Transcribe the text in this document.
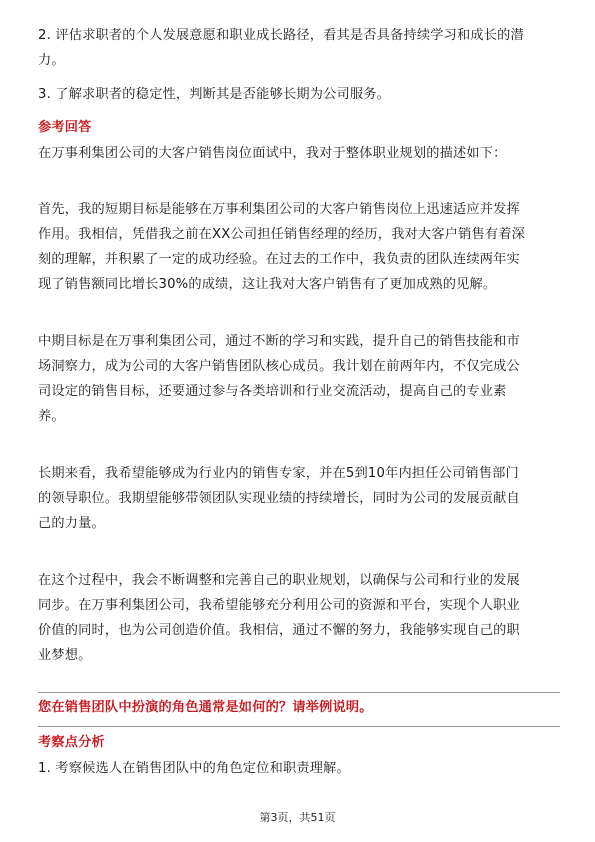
2. 评估求职者的个人发展意愿和职业成长路径，看其是否具备持续学习和成长的潜
力。
3. 了解求职者的稳定性，判断其是否能够长期为公司服务。
参考回答
在万事利集团公司的大客户销售岗位面试中，我对于整体职业规划的描述如下：
首先，我的短期目标是能够在万事利集团公司的大客户销售岗位上迅速适应并发挥
作用。我相信，凭借我之前在XX公司担任销售经理的经历，我对大客户销售有着深
刻的理解，并积累了一定的成功经验。在过去的工作中，我负责的团队连续两年实
现了销售额同比增长30%的成绩，这让我对大客户销售有了更加成熟的见解。
中期目标是在万事利集团公司，通过不断的学习和实践，提升自己的销售技能和市
场洞察力，成为公司的大客户销售团队核心成员。我计划在前两年内，不仅完成公
司设定的销售目标，还要通过参与各类培训和行业交流活动，提高自己的专业素
养。
长期来看，我希望能够成为行业内的销售专家，并在5到10年内担任公司销售部门
的领导职位。我期望能够带领团队实现业绩的持续增长，同时为公司的发展贡献自
己的力量。
在这个过程中，我会不断调整和完善自己的职业规划，以确保与公司和行业的发展
同步。在万事利集团公司，我希望能够充分利用公司的资源和平台，实现个人职业
价值的同时，也为公司创造价值。我相信，通过不懈的努力，我能够实现自己的职
业梦想。
您在销售团队中扮演的角色通常是如何的？请举例说明。
考察点分析
1. 考察候选人在销售团队中的角色定位和职责理解。
第3页，共51页
